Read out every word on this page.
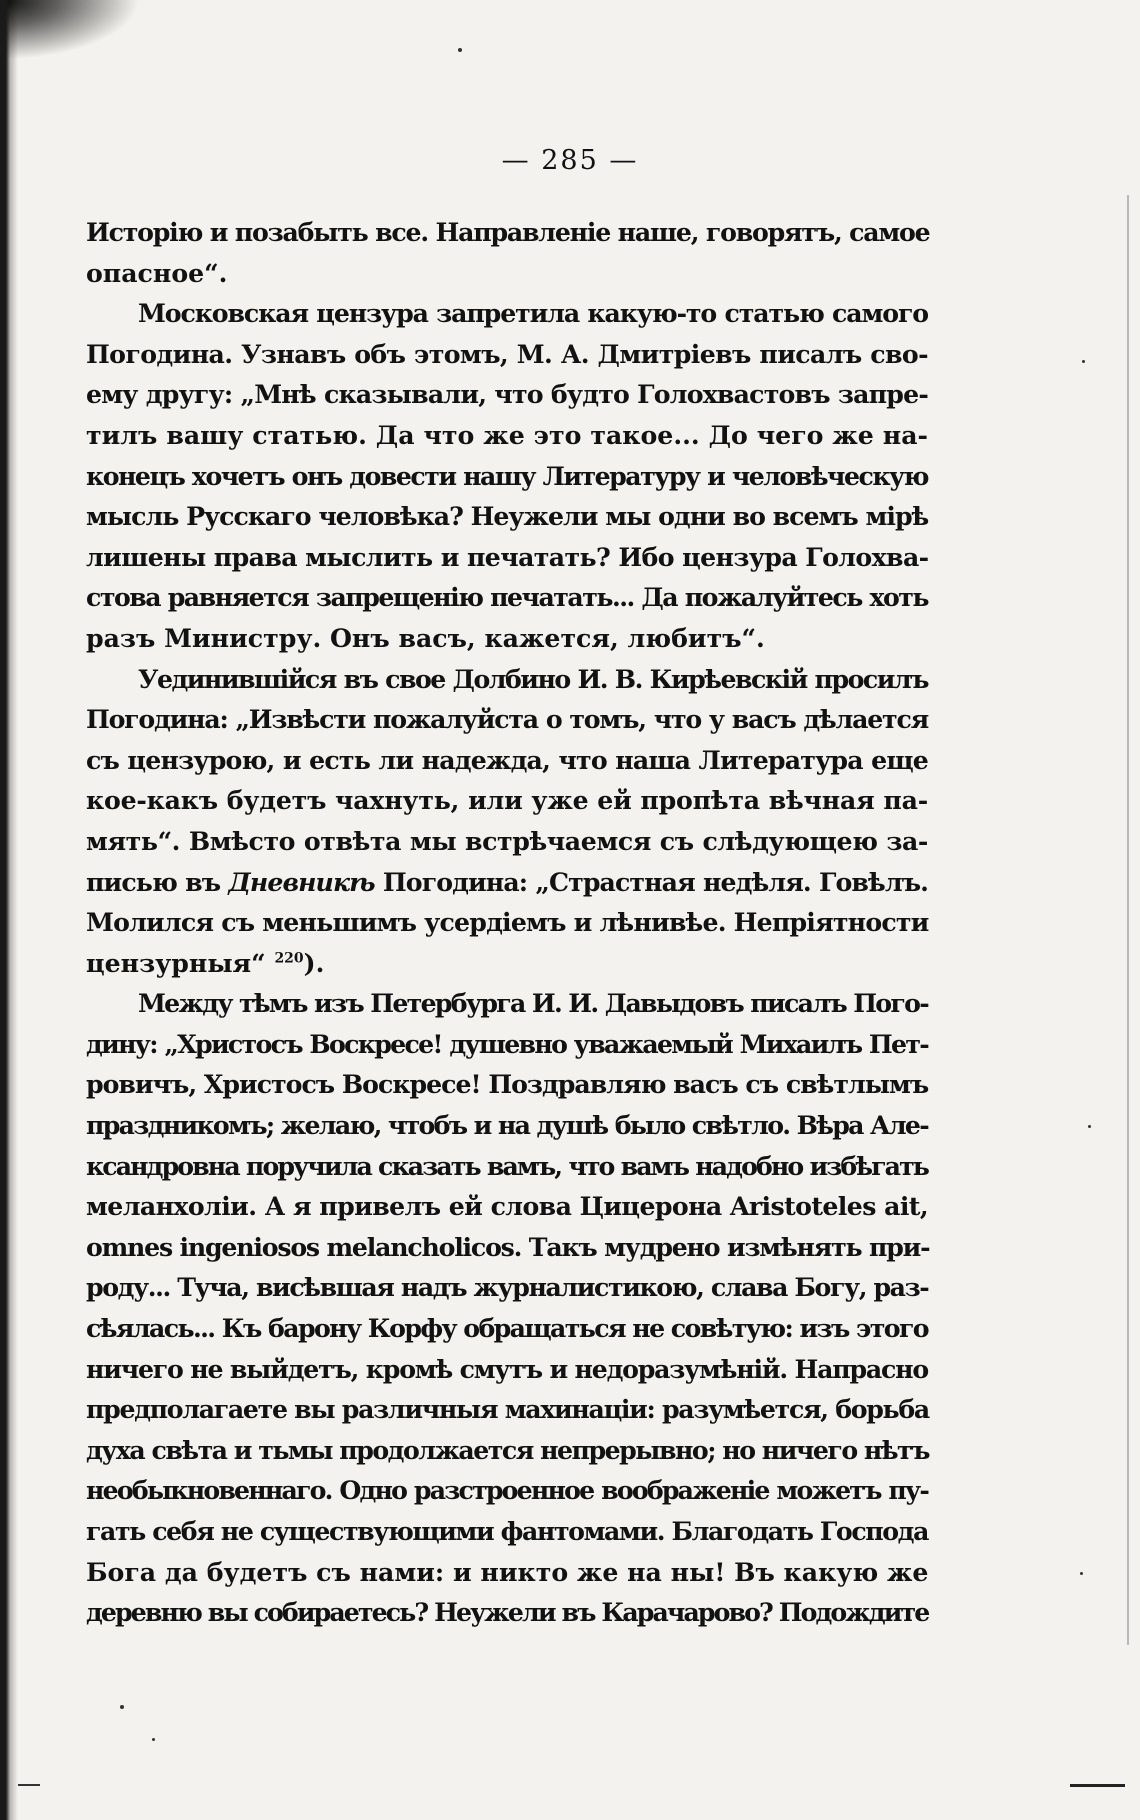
— 285 —
Исторію и позабыть все. Направленіе наше, говорятъ, самое
опасное“.
Московская цензура запретила какую-то статью самого
Погодина. Узнавъ объ этомъ, М. А. Дмитріевъ писалъ сво-
ему другу: „Мнѣ сказывали, что будто Голохвастовъ запре-
тилъ вашу статью. Да что же это такое... До чего же на-
конецъ хочетъ онъ довести нашу Литературу и человѣческую
мысль Русскаго человѣка? Неужели мы одни во всемъ мірѣ
лишены права мыслить и печатать? Ибо цензура Голохва-
стова равняется запрещенію печатать... Да пожалуйтесь хоть
разъ Министру. Онъ васъ, кажется, любитъ“.
Уединившійся въ свое Долбино И. В. Кирѣевскій просилъ
Погодина: „Извѣсти пожалуйста о томъ, что у васъ дѣлается
съ цензурою, и есть ли надежда, что наша Литература еще
кое-какъ будетъ чахнуть, или уже ей пропѣта вѣчная па-
мять“. Вмѣсто отвѣта мы встрѣчаемся съ слѣдующею за-
писью въ Дневникѣ Погодина: „Страстная недѣля. Говѣлъ.
Молился съ меньшимъ усердіемъ и лѣнивѣе. Непріятности
цензурныя“ $^{220}$).
Между тѣмъ изъ Петербурга И. И. Давыдовъ писалъ Пого-
дину: „Христосъ Воскресе! душевно уважаемый Михаилъ Пет-
ровичъ, Христосъ Воскресе! Поздравляю васъ съ свѣтлымъ
праздникомъ; желаю, чтобъ и на душѣ было свѣтло. Вѣра Але-
ксандровна поручила сказать вамъ, что вамъ надобно избѣгать
меланхоліи. А я привелъ ей слова Цицерона Aristoteles ait,
omnes ingeniosos melancholicos. Такъ мудрено измѣнять при-
роду... Туча, висѣвшая надъ журналистикою, слава Богу, раз-
сѣялась... Къ барону Корфу обращаться не совѣтую: изъ этого
ничего не выйдетъ, кромѣ смутъ и недоразумѣній. Напрасно
предполагаете вы различныя махинаціи: разумѣется, борьба
духа свѣта и тьмы продолжается непрерывно; но ничего нѣтъ
необыкновеннаго. Одно разстроенное воображеніе можетъ пу-
гать себя не существующими фантомами. Благодать Господа
Бога да будетъ съ нами: и никто же на ны! Въ какую же
деревню вы собираетесь? Неужели въ Карачарово? Подождите
